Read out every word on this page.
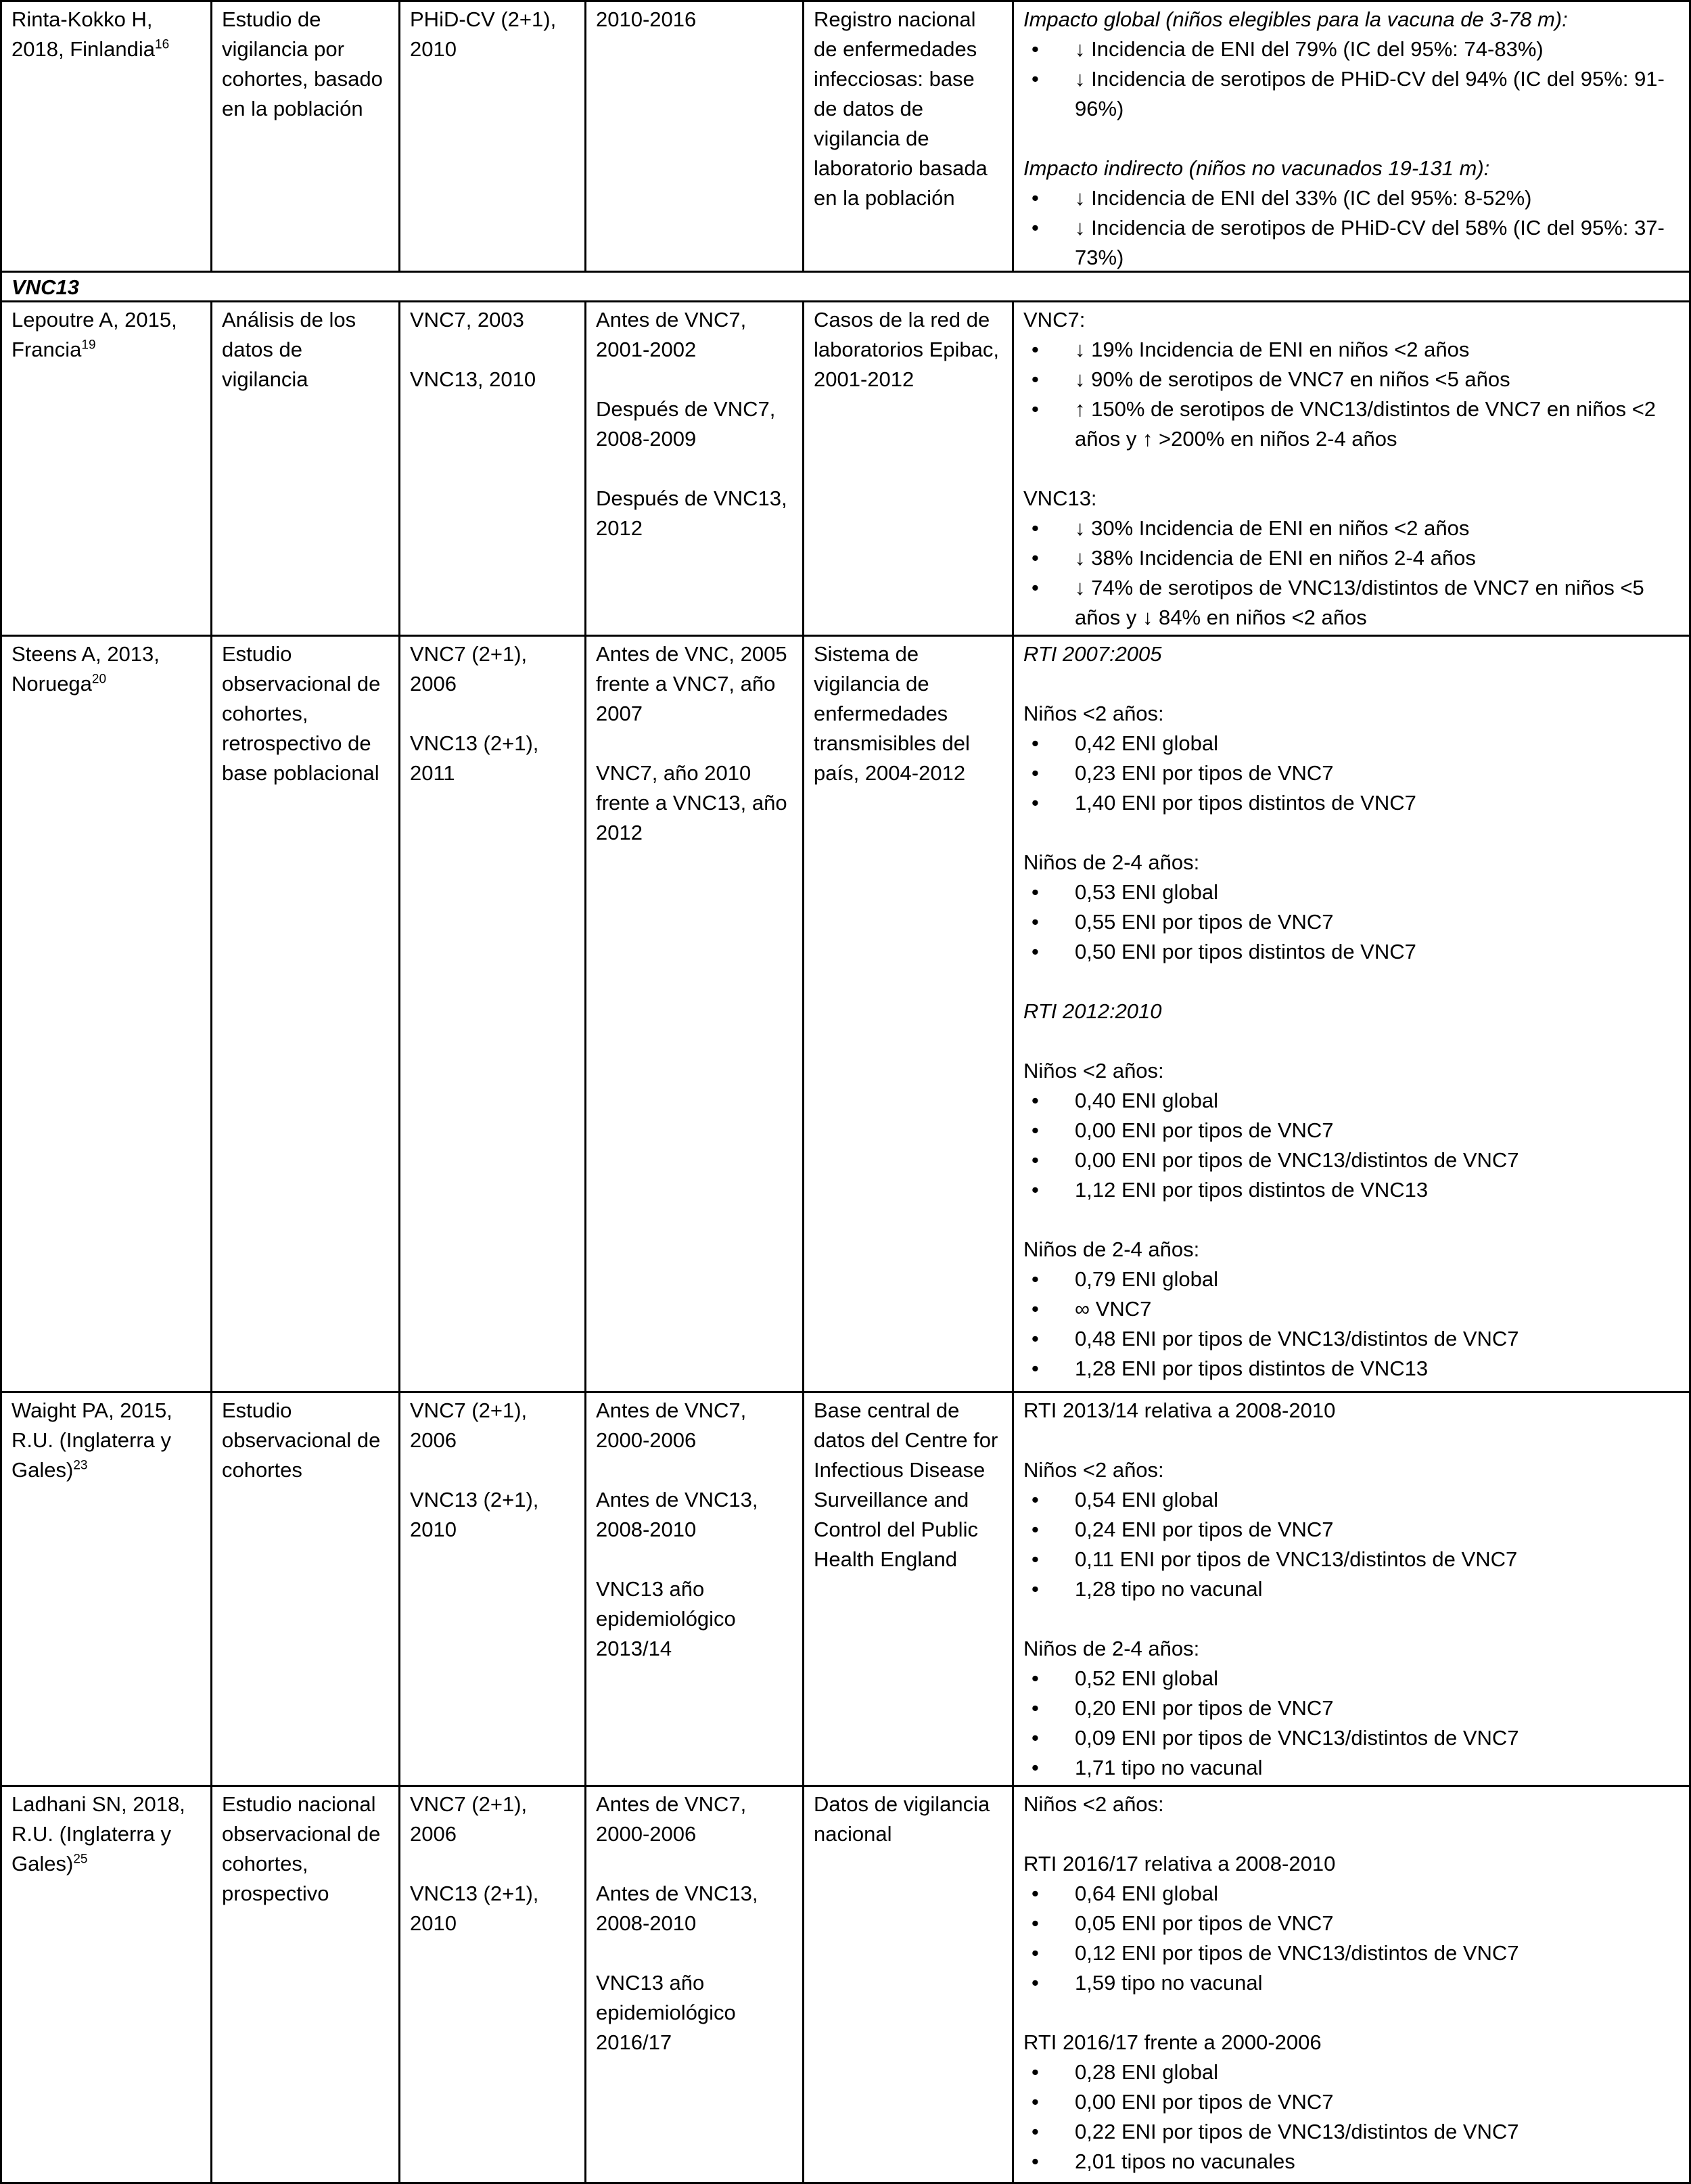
Rinta-Kokko H, 2018, Finlandia$^{16}$
Estudio de vigilancia por cohortes, basado en la población

PHiD-CV (2+1),

2010

2010-2016	Registro nacional de enfermedades infecciosas: base de datos de vigilancia de laboratorio basada en la población

Impacto global (niños elegibles para la vacuna de 3-78 m):

• ↓ Incidencia de ENI del 79% (IC del 95%: 74-83%)
• ↓ Incidencia de serotipos de PHiD-CV del 94% (IC del 95%: 91-96%)

Impacto indirecto (niños no vacunados 19-131 m):

• ↓ Incidencia de ENI del 33% (IC del 95%: 8-52%)
• ↓ Incidencia de serotipos de PHiD-CV del 58% (IC del 95%: 37-73%)
VNC13
Lepoutre A, 2015, Francia$^{19}$
Análisis de los datos de vigilancia

VNC7, 2003

VNC13, 2010

Antes de VNC7, 2001-2002

Después de VNC7, 2008-2009

Después de VNC13, 2012

Casos de la red de laboratorios Epibac, 2001-2012

VNC7:

• ↓ 19% Incidencia de ENI en niños <2 años
• ↓ 90% de serotipos de VNC7 en niños <5 años
• ↑ 150% de serotipos de VNC13/distintos de VNC7 en niños <2 años y ↑ >200% en niños 2-4 años

VNC13:

• ↓ 30% Incidencia de ENI en niños <2 años
• ↓ 38% Incidencia de ENI en niños 2-4 años
• ↓ 74% de serotipos de VNC13/distintos de VNC7 en niños <5 años y ↓ 84% en niños <2 años
Steens A, 2013, Noruega$^{20}$
Estudio observacional de cohortes, retrospectivo de base poblacional

VNC7 (2+1), 2006

VNC13 (2+1), 2011

Antes de VNC, 2005 frente a VNC7, año 2007

VNC7, año 2010 frente a VNC13, año 2012

Sistema de vigilancia de enfermedades transmisibles del país, 2004-2012

RTI 2007:2005

Niños <2 años:

• 0,42 ENI global
• 0,23 ENI por tipos de VNC7
• 1,40 ENI por tipos distintos de VNC7

Niños de 2-4 años:

• 0,53 ENI global
• 0,55 ENI por tipos de VNC7
• 0,50 ENI por tipos distintos de VNC7

RTI 2012:2010

Niños <2 años:

• 0,40 ENI global
• 0,00 ENI por tipos de VNC7
• 0,00 ENI por tipos de VNC13/distintos de VNC7
• 1,12 ENI por tipos distintos de VNC13

Niños de 2-4 años:

• 0,79 ENI global
• ∞ VNC7
• 0,48 ENI por tipos de VNC13/distintos de VNC7
• 1,28 ENI por tipos distintos de VNC13
Waight PA, 2015, R.U. (Inglaterra y Gales)$^{23}$
Estudio observacional de cohortes

VNC7 (2+1), 2006

VNC13 (2+1), 2010

Antes de VNC7, 2000-2006

Antes de VNC13, 2008-2010

VNC13 año epidemiológico 2013/14

Base central de datos del Centre for Infectious Disease Surveillance and Control del Public Health England

RTI 2013/14 relativa a 2008-2010

Niños <2 años:

• 0,54 ENI global
• 0,24 ENI por tipos de VNC7
• 0,11 ENI por tipos de VNC13/distintos de VNC7
• 1,28 tipo no vacunal

Niños de 2-4 años:

• 0,52 ENI global
• 0,20 ENI por tipos de VNC7
• 0,09 ENI por tipos de VNC13/distintos de VNC7
• 1,71 tipo no vacunal
Ladhani SN, 2018, R.U. (Inglaterra y Gales)$^{25}$
Estudio nacional observacional de cohortes, prospectivo

VNC7 (2+1), 2006

VNC13 (2+1), 2010

Antes de VNC7, 2000-2006

Antes de VNC13, 2008-2010

VNC13 año epidemiológico 2016/17

Datos de vigilancia nacional

Niños <2 años:

RTI 2016/17 relativa a 2008-2010

• 0,64 ENI global
• 0,05 ENI por tipos de VNC7
• 0,12 ENI por tipos de VNC13/distintos de VNC7
• 1,59 tipo no vacunal

RTI 2016/17 frente a 2000-2006

• 0,28 ENI global
• 0,00 ENI por tipos de VNC7
• 0,22 ENI por tipos de VNC13/distintos de VNC7
• 2,01 tipos no vacunales
